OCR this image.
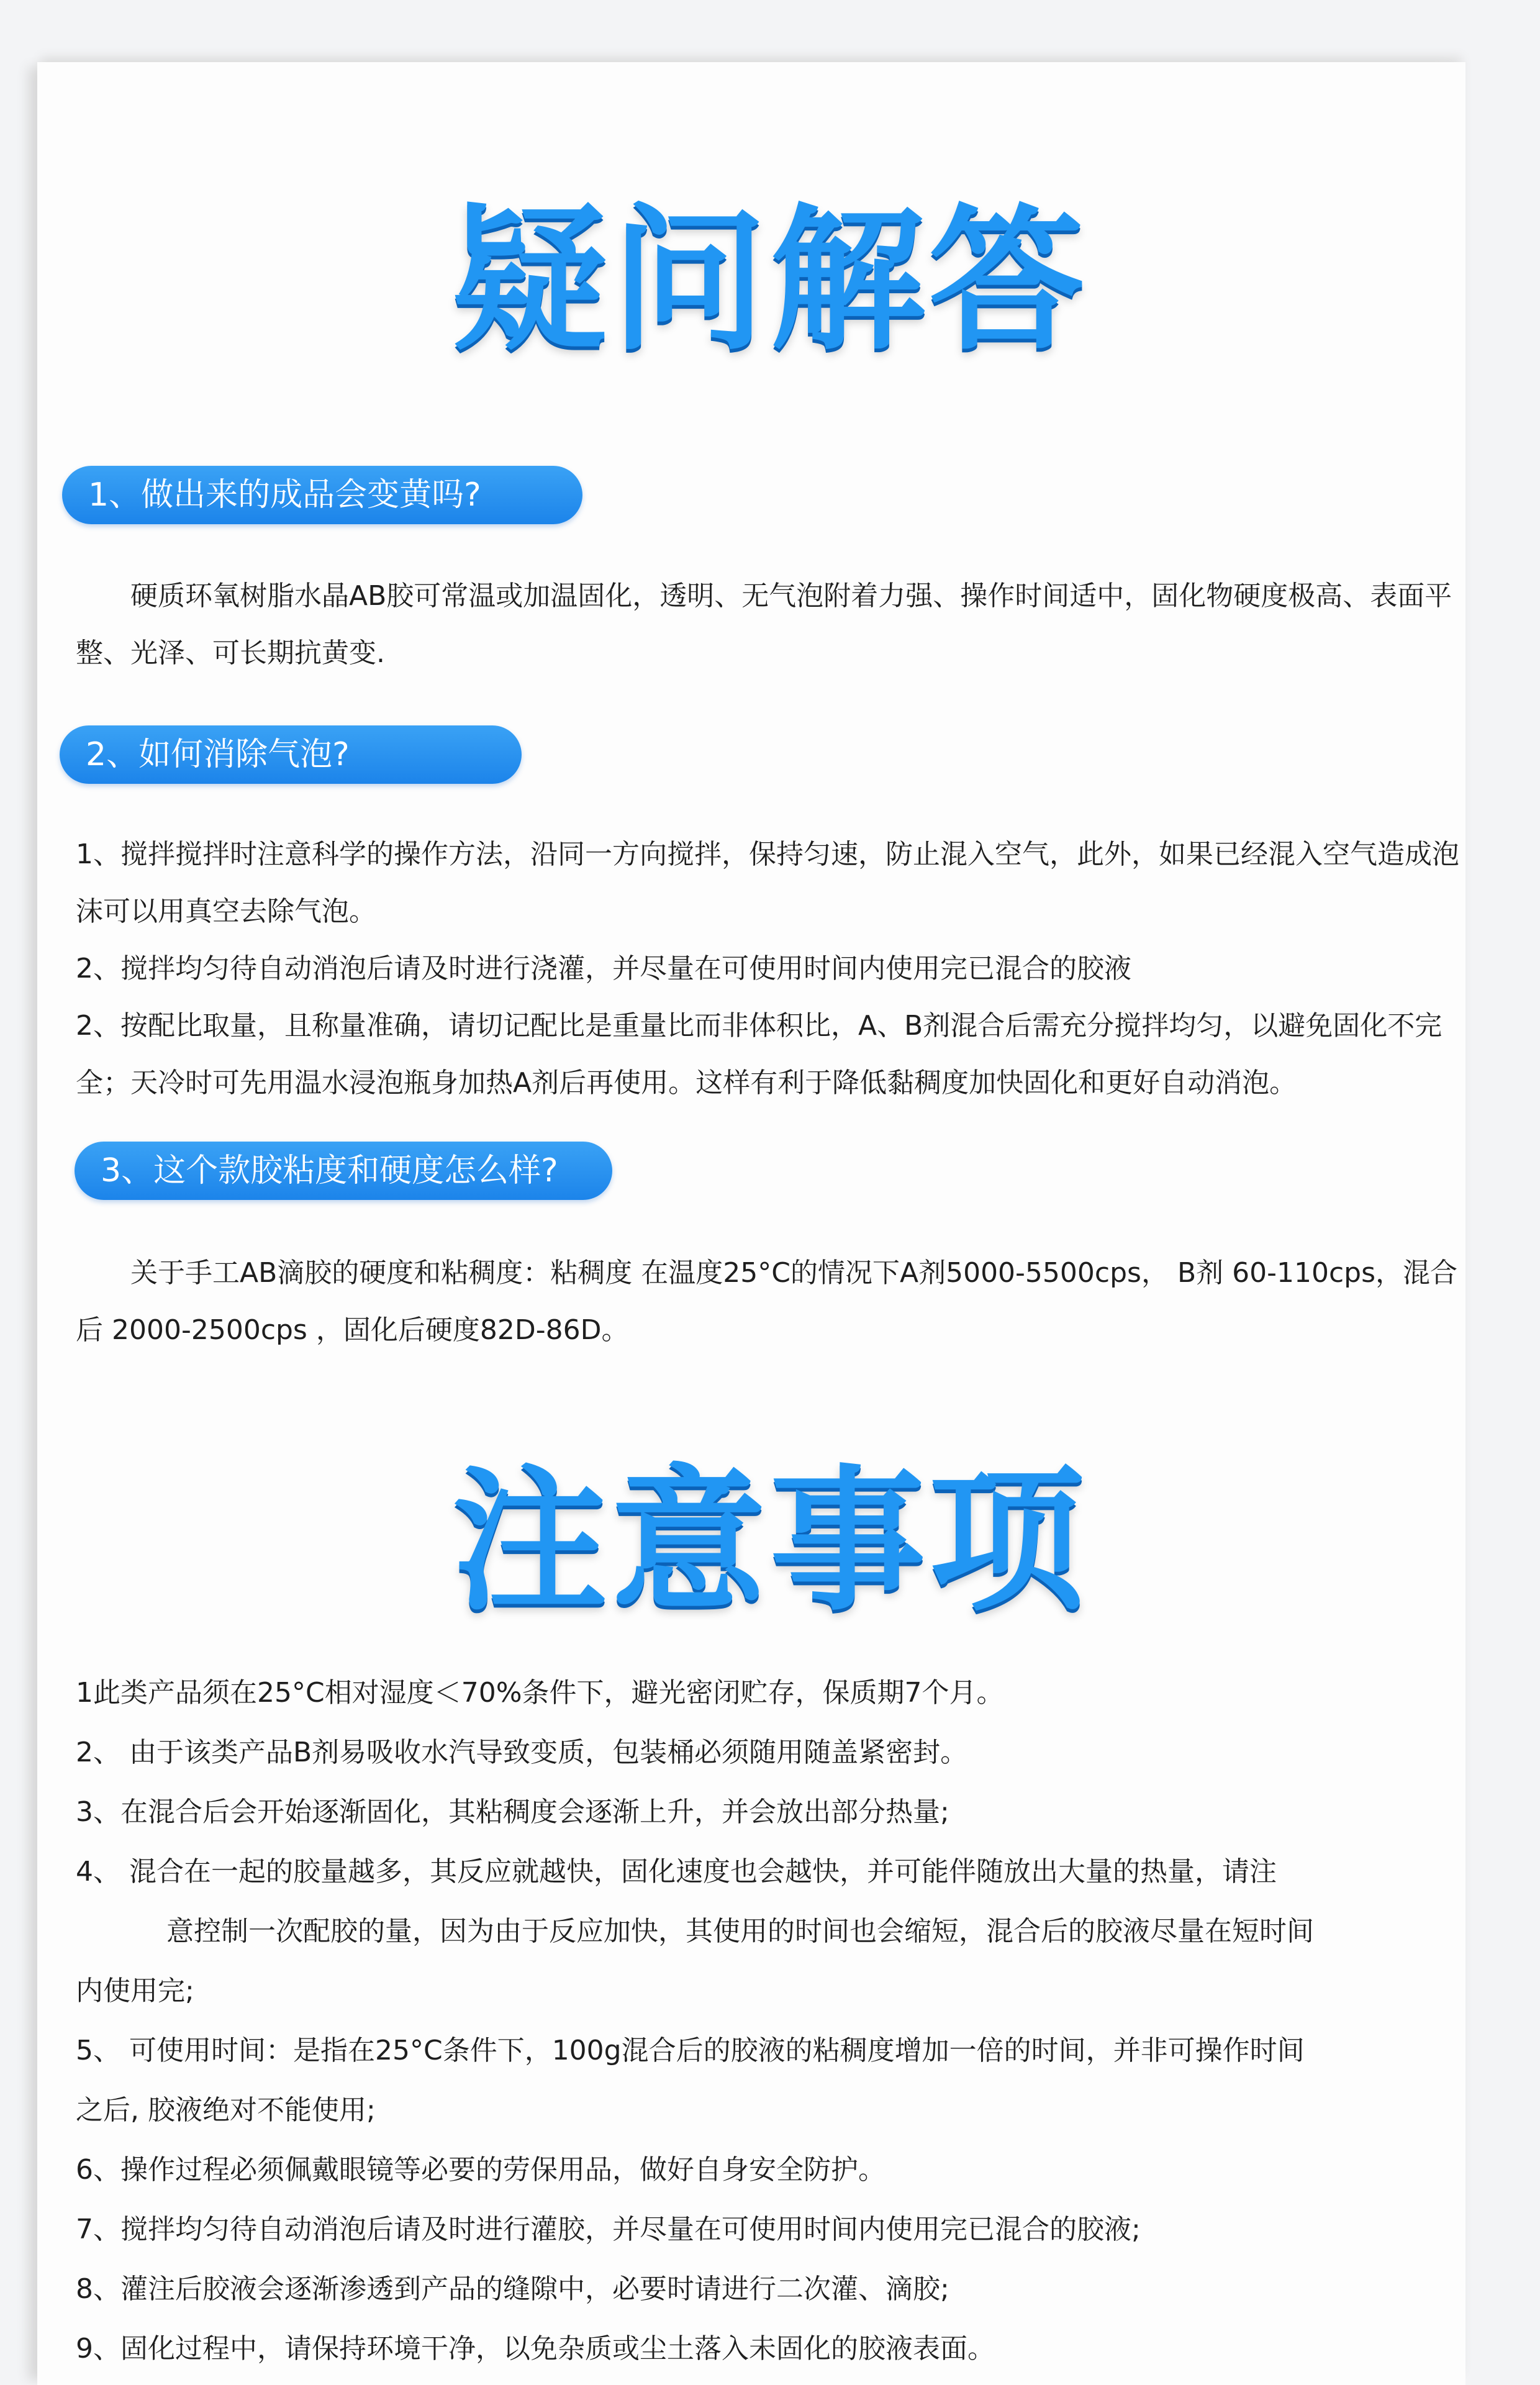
疑问解答
1、做出来的成品会变黄吗?
硬质环氧树脂水晶AB胶可常温或加温固化，透明、无气泡附着力强、操作时间适中，固化物硬度极高、表面平整、光泽、可长期抗黄变.
2、如何消除气泡?
1、搅拌搅拌时注意科学的操作方法，沿同一方向搅拌，保持匀速，防止混入空气，此外，如果已经混入空气造成泡沫可以用真空去除气泡。
2、搅拌均匀待自动消泡后请及时进行浇灌，并尽量在可使用时间内使用完已混合的胶液
2、按配比取量，且称量准确，请切记配比是重量比而非体积比，A、B剂混合后需充分搅拌均匀，以避免固化不完全；天冷时可先用温水浸泡瓶身加热A剂后再使用。这样有利于降低黏稠度加快固化和更好自动消泡。
3、这个款胶粘度和硬度怎么样?
关于手工AB滴胶的硬度和粘稠度：粘稠度 在温度25°C的情况下A剂5000-5500cps， B剂 60-110cps，混合后 2000-2500cps ，固化后硬度82D-86D。
注意事项
1此类产品须在25°C相对湿度＜70%条件下，避光密闭贮存，保质期7个月。
2、 由于该类产品B剂易吸收水汽导致变质，包装桶必须随用随盖紧密封。
3、在混合后会开始逐渐固化，其粘稠度会逐渐上升，并会放出部分热量;
4、 混合在一起的胶量越多，其反应就越快，固化速度也会越快，并可能伴随放出大量的热量，请注
意控制一次配胶的量，因为由于反应加快，其使用的时间也会缩短，混合后的胶液尽量在短时间
内使用完;
5、 可使用时间：是指在25°C条件下，100g混合后的胶液的粘稠度增加一倍的时间，并非可操作时间
之后, 胶液绝对不能使用;
6、操作过程必须佩戴眼镜等必要的劳保用品，做好自身安全防护。
7、搅拌均匀待自动消泡后请及时进行灌胶，并尽量在可使用时间内使用完已混合的胶液;
8、灌注后胶液会逐渐渗透到产品的缝隙中，必要时请进行二次灌、滴胶;
9、固化过程中，请保持环境干净，以免杂质或尘土落入未固化的胶液表面。
